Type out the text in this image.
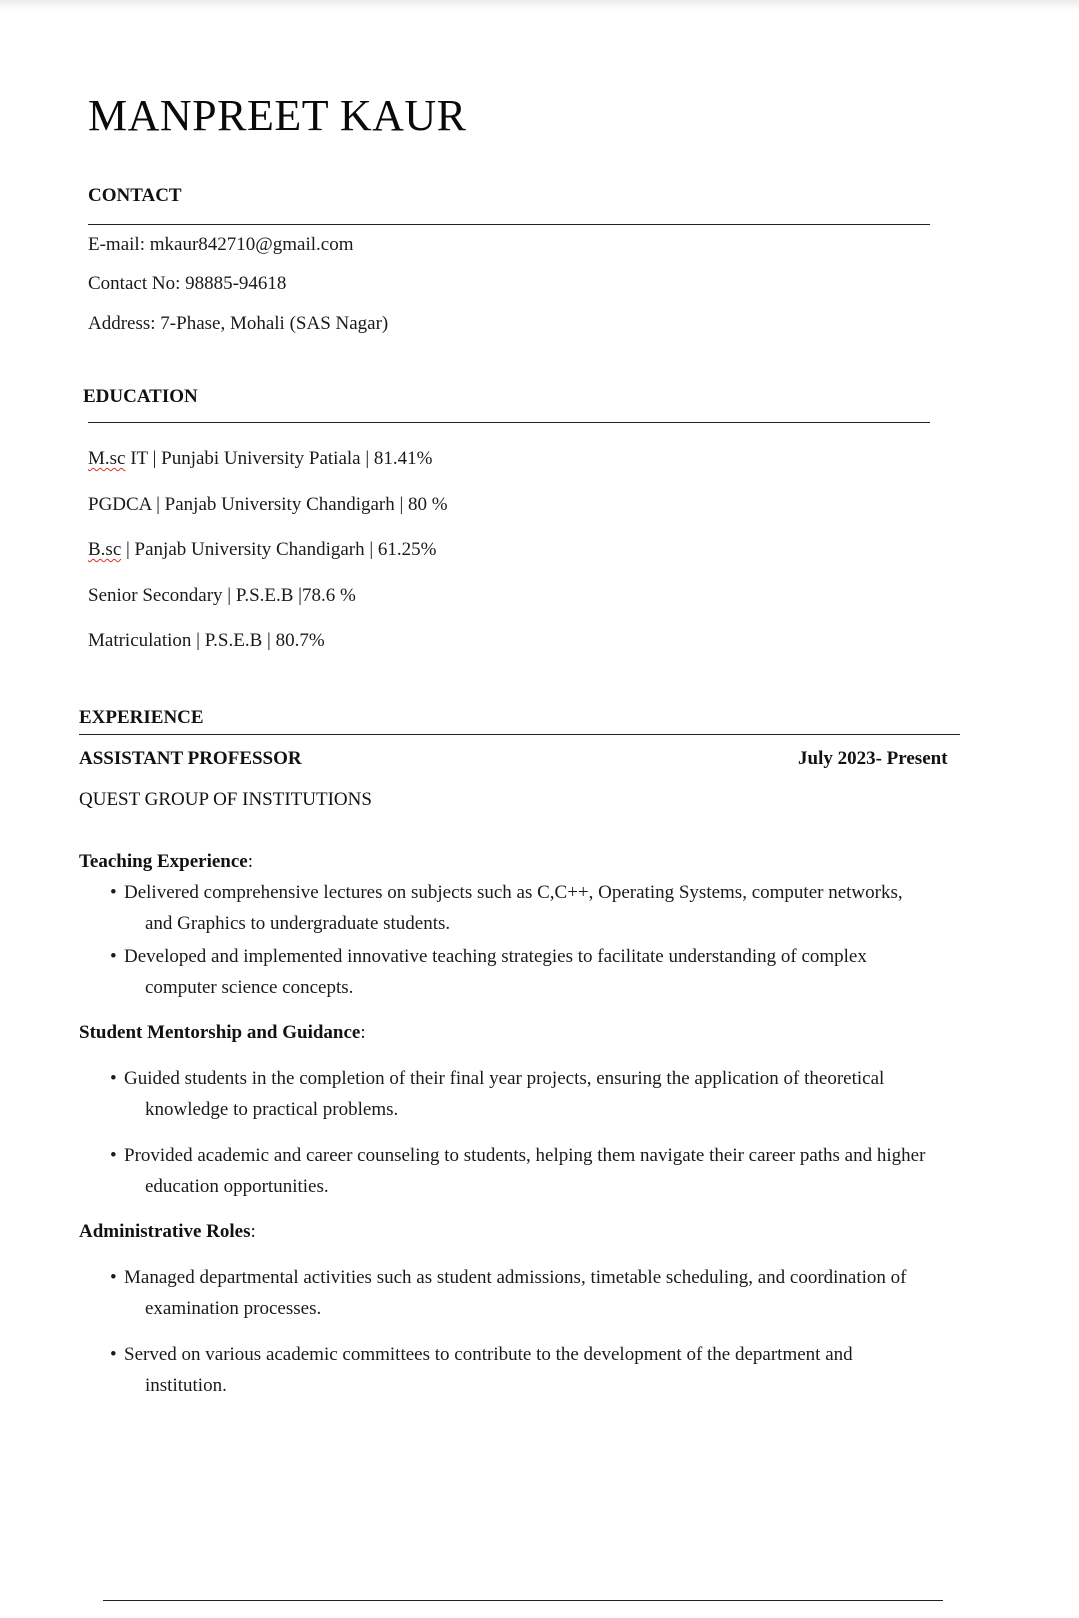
MANPREET KAUR
CONTACT
E-mail: mkaur842710@gmail.com
Contact No: 98885-94618
Address: 7-Phase, Mohali (SAS Nagar)
EDUCATION
M.sc IT | Punjabi University Patiala | 81.41%
PGDCA | Panjab University Chandigarh | 80 %
B.sc | Panjab University Chandigarh | 61.25%
Senior Secondary | P.S.E.B |78.6 %
Matriculation | P.S.E.B | 80.7%
EXPERIENCE
ASSISTANT PROFESSOR	July 2023- Present
QUEST GROUP OF INSTITUTIONS
Teaching Experience:
• Delivered comprehensive lectures on subjects such as C,C++, Operating Systems, computer networks,
and Graphics to undergraduate students.
• Developed and implemented innovative teaching strategies to facilitate understanding of complex
computer science concepts.
Student Mentorship and Guidance:
• Guided students in the completion of their final year projects, ensuring the application of theoretical
knowledge to practical problems.
• Provided academic and career counseling to students, helping them navigate their career paths and higher
education opportunities.
Administrative Roles:
• Managed departmental activities such as student admissions, timetable scheduling, and coordination of
examination processes.
• Served on various academic committees to contribute to the development of the department and
institution.
